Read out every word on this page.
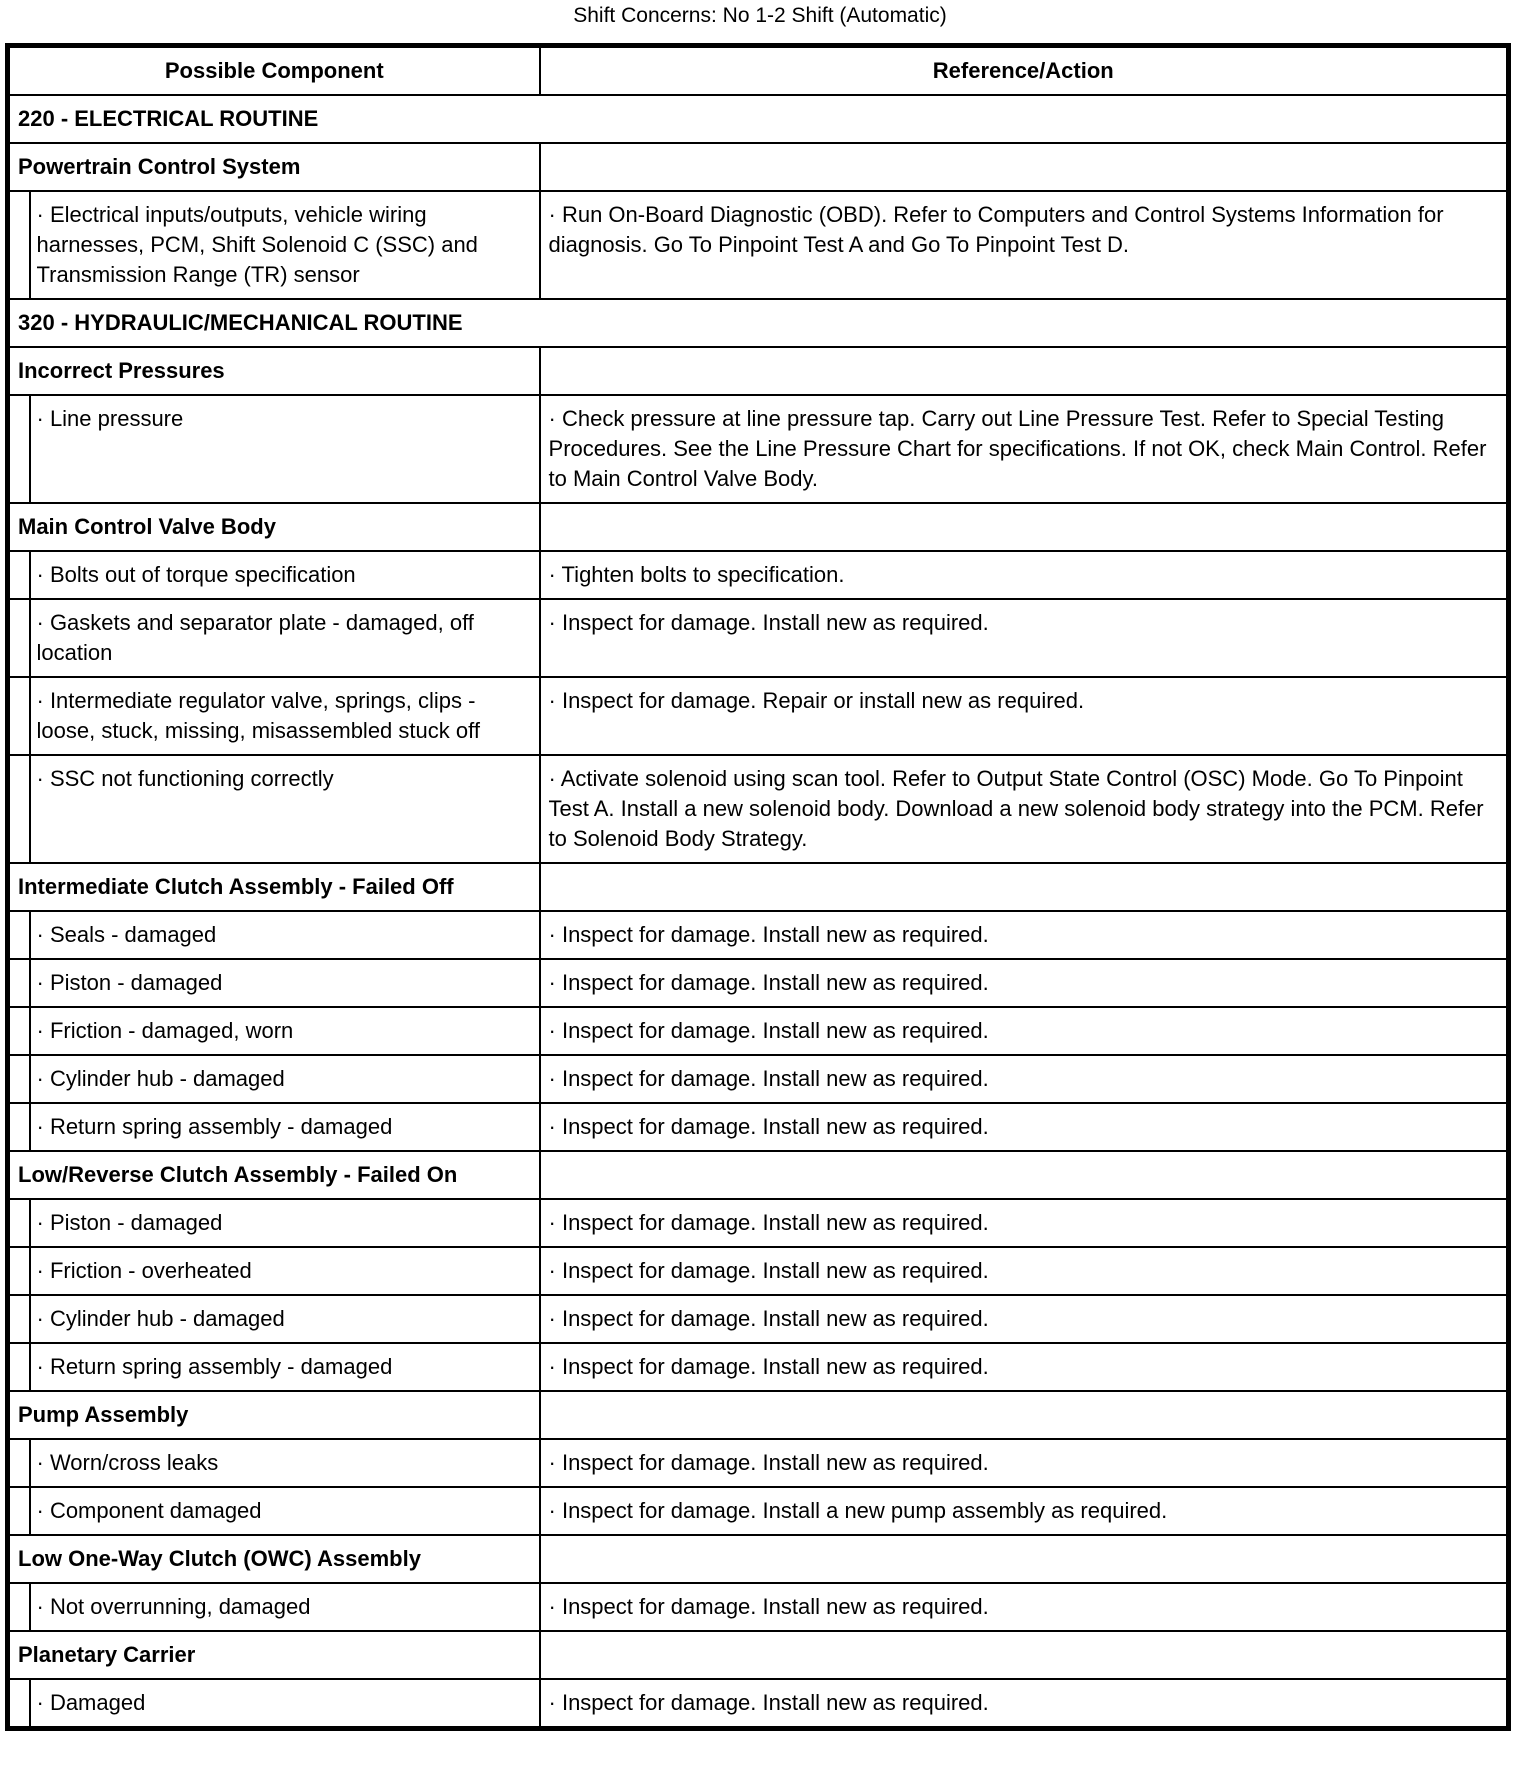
Shift Concerns: No 1-2 Shift (Automatic)
Possible Component		Reference/Action
220 - ELECTRICAL ROUTINE		
Powertrain Control System		
	· Electrical inputs/outputs, vehicle wiring harnesses, PCM, Shift Solenoid C (SSC) and Transmission Range (TR) sensor	· Run On-Board Diagnostic (OBD). Refer to Computers and Control Systems Information for diagnosis. Go To Pinpoint Test A and Go To Pinpoint Test D.
320 - HYDRAULIC/MECHANICAL ROUTINE		
Incorrect Pressures		
	· Line pressure	· Check pressure at line pressure tap. Carry out Line Pressure Test. Refer to Special Testing Procedures. See the Line Pressure Chart for specifications. If not OK, check Main Control. Refer to Main Control Valve Body.
Main Control Valve Body		
	· Bolts out of torque specification	· Tighten bolts to specification.
	· Gaskets and separator plate - damaged, off location	· Inspect for damage. Install new as required.
	· Intermediate regulator valve, springs, clips - loose, stuck, missing, misassembled stuck off	· Inspect for damage. Repair or install new as required.
	· SSC not functioning correctly	· Activate solenoid using scan tool. Refer to Output State Control (OSC) Mode. Go To Pinpoint Test A. Install a new solenoid body. Download a new solenoid body strategy into the PCM. Refer to Solenoid Body Strategy.
Intermediate Clutch Assembly - Failed Off		
	· Seals - damaged	· Inspect for damage. Install new as required.
	· Piston - damaged	· Inspect for damage. Install new as required.
	· Friction - damaged, worn	· Inspect for damage. Install new as required.
	· Cylinder hub - damaged	· Inspect for damage. Install new as required.
	· Return spring assembly - damaged	· Inspect for damage. Install new as required.
Low/Reverse Clutch Assembly - Failed On		
	· Piston - damaged	· Inspect for damage. Install new as required.
	· Friction - overheated	· Inspect for damage. Install new as required.
	· Cylinder hub - damaged	· Inspect for damage. Install new as required.
	· Return spring assembly - damaged	· Inspect for damage. Install new as required.
Pump Assembly		
	· Worn/cross leaks	· Inspect for damage. Install new as required.
	· Component damaged	· Inspect for damage. Install a new pump assembly as required.
Low One-Way Clutch (OWC) Assembly		
	· Not overrunning, damaged	· Inspect for damage. Install new as required.
Planetary Carrier		
	· Damaged	· Inspect for damage. Install new as required.
